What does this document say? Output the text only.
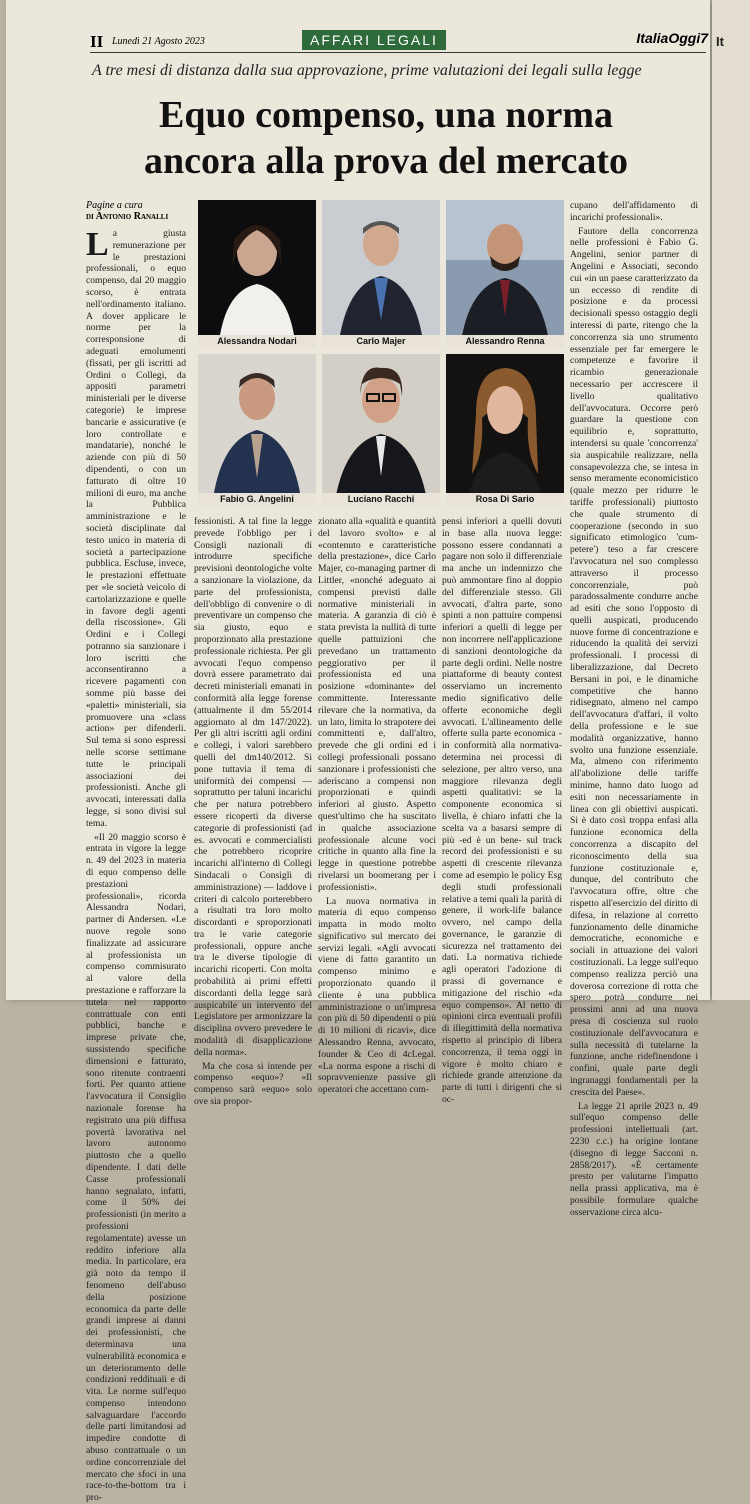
II Lunedì 21 Agosto 2023	AFFARI LEGALI	ItaliaOggi7
A tre mesi di distanza dalla sua approvazione, prime valutazioni dei legali sulla legge
Equo compenso, una norma
ancora alla prova del mercato
Pagine a cura
di Antonio Ranalli

La giusta remunerazione per le prestazioni professionali, o equo compenso, dal 20 maggio scorso, è entrata nell'ordinamento italiano. A dover applicare le norme per la corresponsione di adeguati emolumenti (fissati, per gli iscritti ad Ordini o Collegi, da appositi parametri ministeriali per le diverse categorie) le imprese bancarie e assicurative (e loro controllate e mandatarie), nonché le aziende con più di 50 dipendenti, o con un fatturato di oltre 10 milioni di euro, ma anche la Pubblica amministrazione e le società disciplinate dal testo unico in materia di società a partecipazione pubblica. Escluse, invece, le prestazioni effettuate per «le società veicolo di cartolarizzazione e quelle in favore degli agenti della riscossione». Gli Ordini e i Collegi potranno sia sanzionare i loro iscritti che acconsentiranno a ricevere pagamenti con somme più basse dei «paletti» ministeriali, sia promuovere una «class action» per difenderli. Sul tema si sono espressi nelle scorse settimane tutte le principali associazioni dei professionisti. Anche gli avvocati, interessati dalla legge, si sono divisi sul tema.

«Il 20 maggio scorso è entrata in vigore la legge n. 49 del 2023 in materia di equo compenso delle prestazioni professionali», ricorda Alessandra Nodari, partner di Andersen. «Le nuove regole sono finalizzate ad assicurare al professionista un compenso commisurato al valore della prestazione e rafforzare la tutela nel rapporto contrattuale con enti pubblici, banche e imprese private che, sussistendo specifiche dimensioni e fatturato, sono ritenute contraenti forti. Per quanto attiene l'avvocatura il Consiglio nazionale forense ha registrato una più diffusa povertà lavorativa nel lavoro autonomo piuttosto che a quello dipendente. I dati delle Casse professionali hanno segnalato, infatti, come il 50% dei professionisti (in merito a professioni regolamentate) avesse un reddito inferiore alla media. In particolare, era già noto da tempo il fenomeno dell'abuso della posizione economica da parte delle grandi imprese ai danni dei professionisti, che determinava una vulnerabilità economica e un deterioramento delle condizioni reddituali e di vita. Le norme sull'equo compenso intendono salvaguardare l'accordo delle parti limitandosi ad impedire condotte di abuso contrattuale o un ordine concorrenziale del mercato che sfoci in una race-to-the-bottom tra i pro-

Alessandra Nodari	Carlo Majer	Alessandro Renna
Fabio G. Angelini	Luciano Racchi	Rosa Di Sario

fessionisti. A tal fine la legge prevede l'obbligo per i Consigli nazionali di introdurre specifiche previsioni deontologiche volte a sanzionare la violazione, da parte del professionista, dell'obbligo di convenire o di preventivare un compenso che sia giusto, equo e proporzionato alla prestazione professionale richiesta. Per gli avvocati l'equo compenso dovrà essere parametrato dai decreti ministeriali emanati in conformità alla legge forense (attualmente il dm 55/2014 aggiornato al dm 147/2022). Per gli altri iscritti agli ordini e collegi, i valori sarebbero quelli del dm140/2012. Si pone tuttavia il tema di uniformità dei compensi — soprattutto per taluni incarichi che per natura potrebbero essere ricoperti da diverse categorie di professionisti (ad es. avvocati e commercialisti che potrebbero ricoprire incarichi all'interno di Collegi Sindacali o Consigli di amministrazione) — laddove i criteri di calcolo porterebbero a risultati tra loro molto discordanti e sproporzionati tra le varie categorie professionali, oppure anche tra le diverse tipologie di incarichi ricoperti. Con molta probabilità ai primi effetti discordanti della legge sarà auspicabile un intervento del Legislatore per armonizzare la disciplina ovvero prevedere le modalità di disapplicazione della norma».

Ma che cosa si intende per compenso «equo»? «Il compenso sarà «equo» solo ove sia propor-

zionato alla «qualità e quantità del lavoro svolto» e al «contenuto e caratteristiche della prestazione», dice Carlo Majer, co-managing partner di Littler, «nonché adeguato ai compensi previsti dalle normative ministeriali in materia. A garanzia di ciò è stata prevista la nullità di tutte quelle pattuizioni che prevedano un trattamento peggiorativo per il professionista ed una posizione «dominante» del committente. Interessante rilevare che la normativa, da un lato, limita lo strapotere dei committenti e, dall'altro, prevede che gli ordini ed i collegi professionali possano sanzionare i professionisti che aderiscano a compensi non proporzionati e quindi inferiori al giusto. Aspetto quest'ultimo che ha suscitato in qualche associazione professionale alcune voci critiche in quanto alla fine la legge in questione potrebbe rivelarsi un boomerang per i professionisti».

La nuova normativa in materia di equo compenso impatta in modo molto significativo sul mercato dei servizi legali. «Agli avvocati viene di fatto garantito un compenso minimo e proporzionato quando il cliente è una pubblica amministrazione o un'impresa con più di 50 dipendenti o più di 10 milioni di ricavi», dice Alessandro Renna, avvocato, founder & Ceo di 4cLegal. «La norma espone a rischi di sopravvenienze passive gli operatori che accettano com-

pensi inferiori a quelli dovuti in base alla nuova legge: possono essere condannati a pagare non solo il differenziale ma anche un indennizzo che può ammontare fino al doppio del differenziale stesso. Gli avvocati, d'altra parte, sono spinti a non pattuire compensi inferiori a quelli di legge per non incorrere nell'applicazione di sanzioni deontologiche da parte degli ordini. Nelle nostre piattaforme di beauty contest osserviamo un incremento medio significativo delle offerte economiche degli avvocati. L'allineamento delle offerte sulla parte economica - in conformità alla normativa- determina nei processi di selezione, per altro verso, una maggiore rilevanza degli aspetti qualitativi: se la componente economica si livella, è chiaro infatti che la scelta va a basarsi sempre di più -ed è un bene- sul track record dei professionisti e su aspetti di crescente rilevanza come ad esempio le policy Esg degli studi professionali relative a temi quali la parità di genere, il work-life balance ovvero, nel campo della governance, le garanzie di sicurezza nel trattamento dei dati. La normativa richiede agli operatori l'adozione di prassi di governance e mitigazione del rischio «da equo compenso». Al netto di opinioni circa eventuali profili di illegittimità della normativa rispetto al principio di libera concorrenza, il tema oggi in vigore è molto chiaro e richiede grande attenzione da parte di tutti i dirigenti che si oc-

cupano dell'affidamento di incarichi professionali».

Fautore della concorrenza nelle professioni è Fabio G. Angelini, senior partner di Angelini e Associati, secondo cui «in un paese caratterizzato da un eccesso di rendite di posizione e da processi decisionali spesso ostaggio degli interessi di parte, ritengo che la concorrenza sia uno strumento essenziale per far emergere le competenze e favorire il ricambio generazionale necessario per accrescere il livello qualitativo dell'avvocatura. Occorre però guardare la questione con equilibrio e, soprattutto, intendersi su quale 'concorrenza' sia auspicabile realizzare, nella consapevolezza che, se intesa in senso meramente economicistico (quale mezzo per ridurre le tariffe professionali) piuttosto che quale strumento di cooperazione (secondo in suo significato etimologico 'cum-petere') teso a far crescere l'avvocatura nel suo complesso attraverso il processo concorrenziale, può paradossalmente condurre anche ad esiti che sono l'opposto di quelli auspicati, producendo nuove forme di concentrazione e riducendo la qualità dei servizi professionali. I processi di liberalizzazione, dal Decreto Bersani in poi, e le dinamiche competitive che hanno ridisegnato, almeno nel campo dell'avvocatura d'affari, il volto della professione e le sue modalità organizzative, hanno svolto una funzione essenziale. Ma, almeno con riferimento all'abolizione delle tariffe minime, hanno dato luogo ad esiti non necessariamente in linea con gli obiettivi auspicati. Si è dato così troppa enfasi alla funzione economica della concorrenza a discapito del riconoscimento della sua funzione costituzionale e, dunque, del contributo che l'avvocatura offre, oltre che rispetto all'esercizio del diritto di difesa, in relazione al corretto funzionamento delle dinamiche democratiche, economiche e sociali in attuazione dei valori costituzionali. La legge sull'equo compenso realizza perciò una doverosa correzione di rotta che spero potrà condurre nei prossimi anni ad una nuova presa di coscienza sul ruolo costituzionale dell'avvocatura e sulla necessità di tutelarne la funzione, anche ridefinendone i confini, quale parte degli ingranaggi fondamentali per la crescita del Paese».

La legge 21 aprile 2023 n. 49 sull'equo compenso delle professioni intellettuali (art. 2230 c.c.) ha origine lontane (disegno di legge Sacconi n. 2858/2017). «È certamente presto per valutarne l'impatto nella prassi applicativa, ma è possibile formulare qualche osservazione circa alcu-

It
